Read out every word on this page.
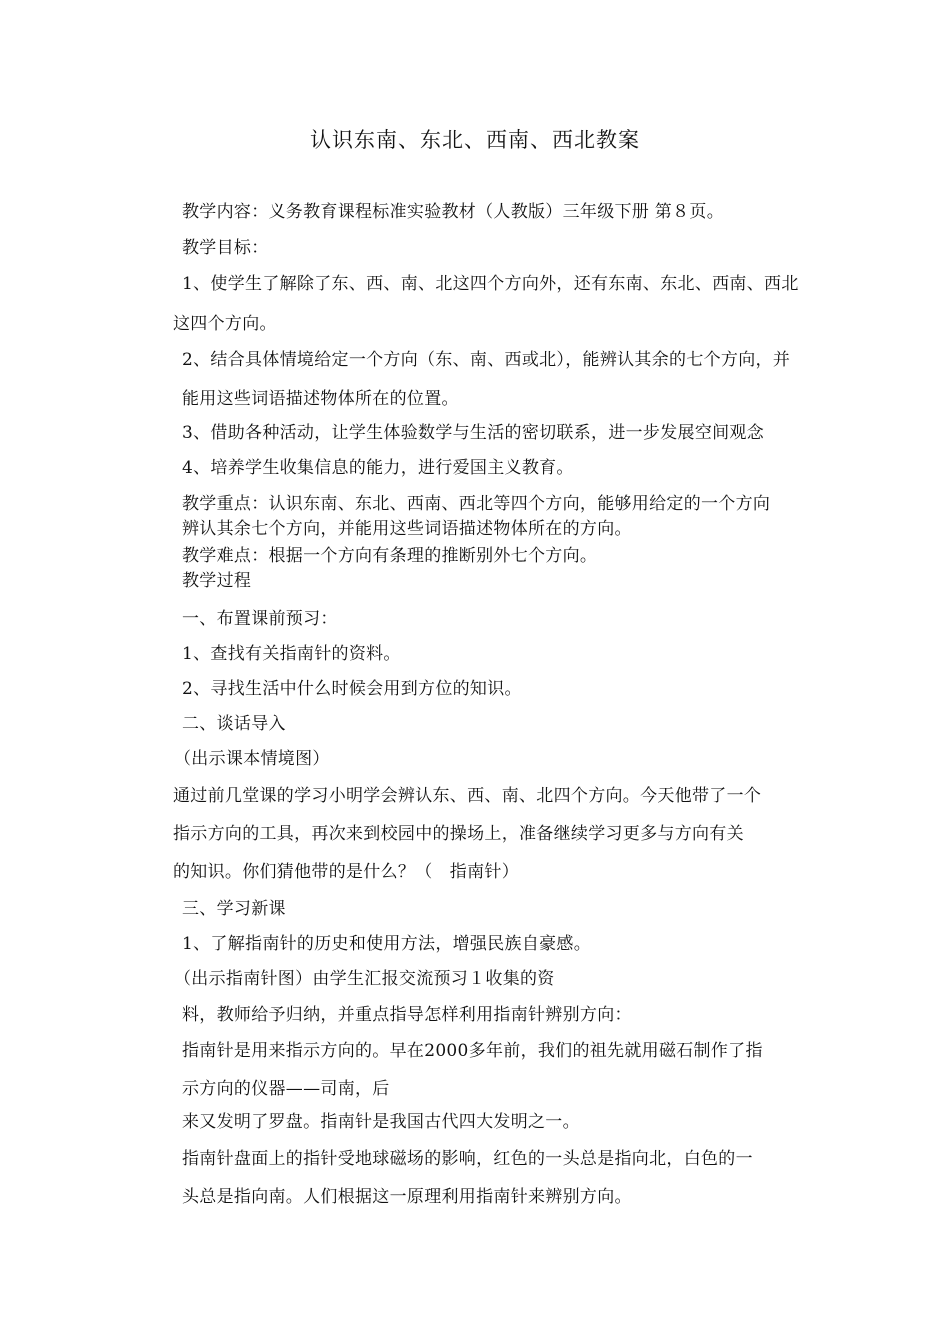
认识东南、东北、西南、西北教案
教学内容：义务教育课程标准实验教材（人教版）三年级下册 第８页。
教学目标：
1、使学生了解除了东、西、南、北这四个方向外，还有东南、东北、西南、西北
这四个方向。
2、结合具体情境给定一个方向（东、南、西或北），能辨认其余的七个方向，并
能用这些词语描述物体所在的位置。
3、借助各种活动，让学生体验数学与生活的密切联系，进一步发展空间观念
4、培养学生收集信息的能力，进行爱国主义教育。
教学重点：认识东南、东北、西南、西北等四个方向，能够用给定的一个方向
辨认其余七个方向，并能用这些词语描述物体所在的方向。
教学难点：根据一个方向有条理的推断别外七个方向。
教学过程
一、布置课前预习：
1、查找有关指南针的资料。
2、寻找生活中什么时候会用到方位的知识。
二、谈话导入
（出示课本情境图）
通过前几堂课的学习小明学会辨认东、西、南、北四个方向。今天他带了一个
指示方向的工具，再次来到校园中的操场上，准备继续学习更多与方向有关
的知识。你们猜他带的是什么？（　指南针）
三、学习新课
1、了解指南针的历史和使用方法，增强民族自豪感。
（出示指南针图）由学生汇报交流预习１收集的资
料，教师给予归纳，并重点指导怎样利用指南针辨别方向：
指南针是用来指示方向的。早在2000多年前，我们的祖先就用磁石制作了指
示方向的仪器——司南，后
来又发明了罗盘。指南针是我国古代四大发明之一。
指南针盘面上的指针受地球磁场的影响，红色的一头总是指向北，白色的一
头总是指向南。人们根据这一原理利用指南针来辨别方向。
